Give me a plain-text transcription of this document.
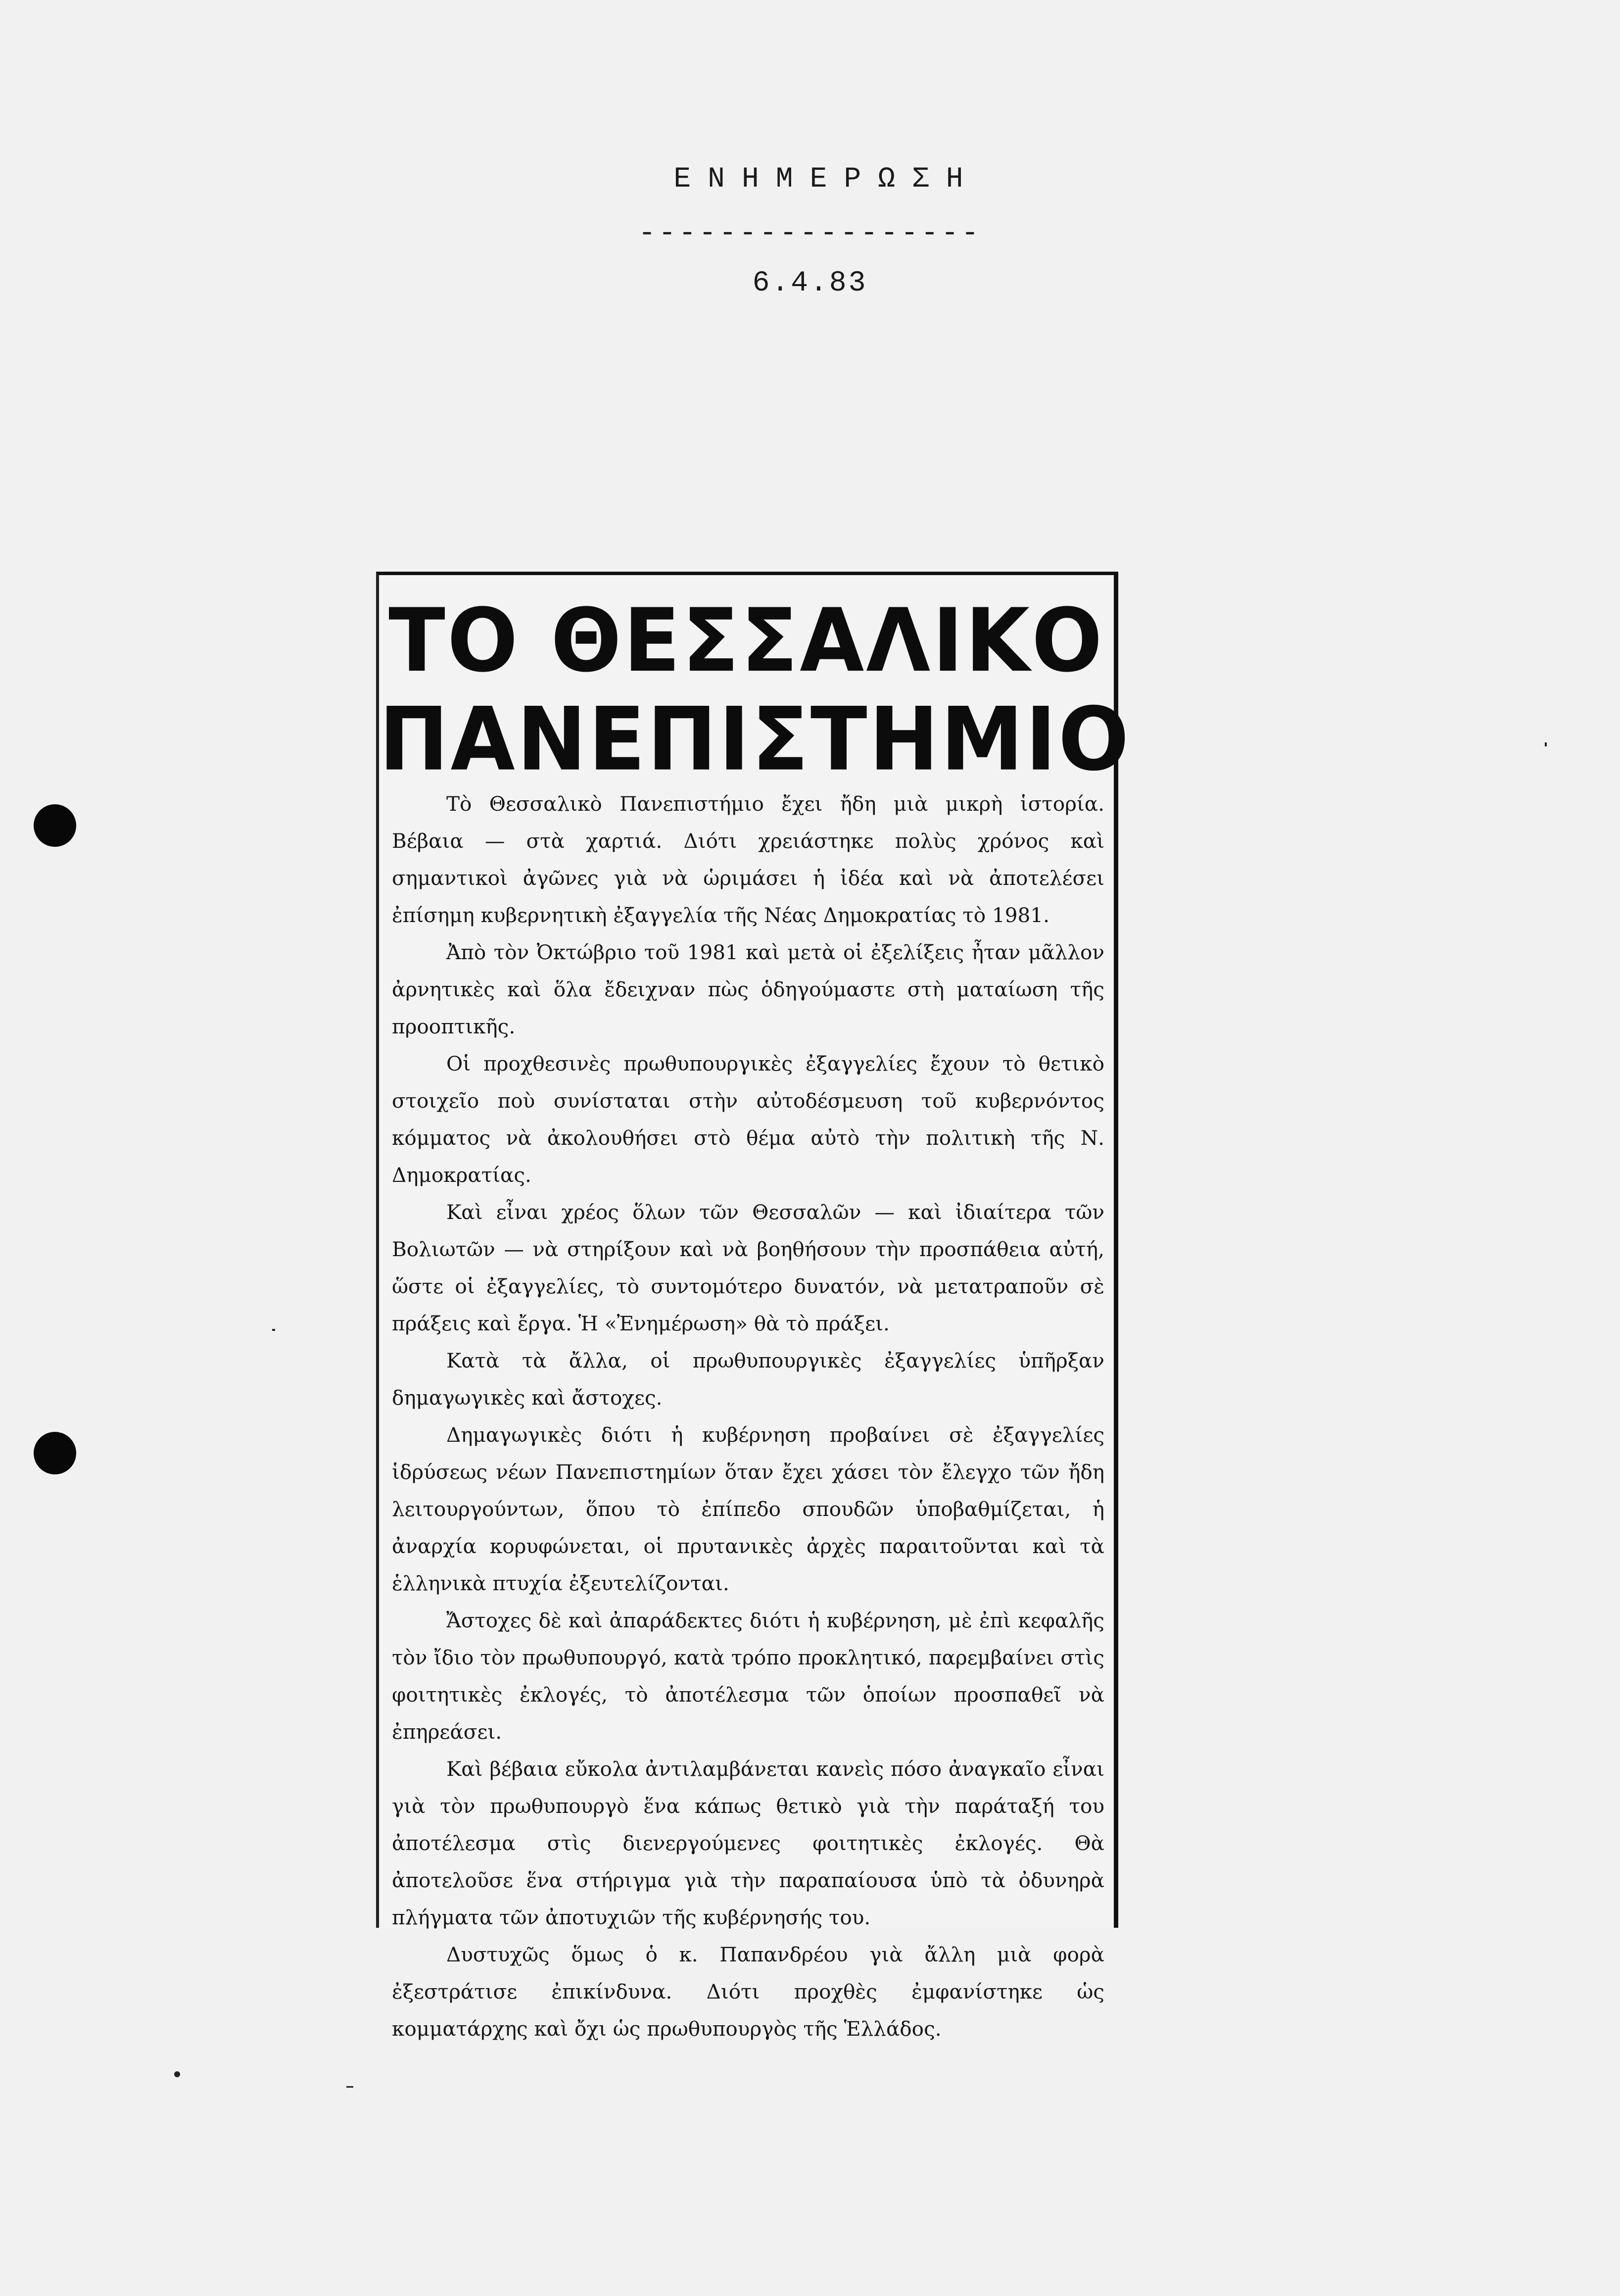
ΕΝΗΜΕΡΩΣΗ
-----------------
6.4.83
ΤΟ ΘΕΣΣΑΛΙΚΟ
ΠΑΝΕΠΙΣΤΗΜΙΟ

Τὸ Θεσσαλικὸ Πανεπιστήμιο ἔχει ἤδη μιὰ μικρὴ ἱστορία. Βέβαια — στὰ χαρτιά. Διότι χρειάστηκε πολὺς χρόνος καὶ σημαντικοὶ ἀγῶνες γιὰ νὰ ὡριμάσει ἡ ἰδέα καὶ νὰ ἀποτελέσει ἐπίσημη κυβερνητικὴ ἐξαγγελία τῆς Νέας Δημοκρατίας τὸ 1981.

Ἀπὸ τὸν Ὀκτώβριο τοῦ 1981 καὶ μετὰ οἱ ἐξελίξεις ἦταν μᾶλλον ἀρνητικὲς καὶ ὅλα ἔδειχναν πὼς ὁδηγούμαστε στὴ ματαίωση τῆς προοπτικῆς.

Οἱ προχθεσινὲς πρωθυπουργικὲς ἐξαγγελίες ἔχουν τὸ θετικὸ στοιχεῖο ποὺ συνίσταται στὴν αὐτοδέσμευση τοῦ κυβερνόντος κόμματος νὰ ἀκολουθήσει στὸ θέμα αὐτὸ τὴν πολιτικὴ τῆς Ν. Δημοκρατίας.

Καὶ εἶναι χρέος ὅλων τῶν Θεσσαλῶν — καὶ ἰδιαίτερα τῶν Βολιωτῶν — νὰ στηρίξουν καὶ νὰ βοηθήσουν τὴν προσπάθεια αὐτή, ὥστε οἱ ἐξαγγελίες, τὸ συντομότερο δυνατόν, νὰ μετατραποῦν σὲ πράξεις καὶ ἔργα. Ἡ «Ἐνημέρωση» θὰ τὸ πράξει.

Κατὰ τὰ ἄλλα, οἱ πρωθυπουργικὲς ἐξαγγελίες ὑπῆρξαν δημαγωγικὲς καὶ ἄστοχες.

Δημαγωγικὲς διότι ἡ κυβέρνηση προβαίνει σὲ ἐξαγγελίες ἱδρύσεως νέων Πανεπιστημίων ὅταν ἔχει χάσει τὸν ἔλεγχο τῶν ἤδη λειτουργούντων, ὅπου τὸ ἐπίπεδο σπουδῶν ὑποβαθμίζεται, ἡ ἀναρχία κορυφώνεται, οἱ πρυτανικὲς ἀρχὲς παραιτοῦνται καὶ τὰ ἑλληνικὰ πτυχία ἐξευτελίζονται.

Ἄστοχες δὲ καὶ ἀπαράδεκτες διότι ἡ κυβέρνηση, μὲ ἐπὶ κεφαλῆς τὸν ἴδιο τὸν πρωθυπουργό, κατὰ τρόπο προκλητικό, παρεμβαίνει στὶς φοιτητικὲς ἐκλογές, τὸ ἀποτέλεσμα τῶν ὁποίων προσπαθεῖ νὰ ἐπηρεάσει.

Καὶ βέβαια εὔκολα ἀντιλαμβάνεται κανεὶς πόσο ἀναγκαῖο εἶναι γιὰ τὸν πρωθυπουργὸ ἕνα κάπως θετικὸ γιὰ τὴν παράταξή του ἀποτέλεσμα στὶς διενεργούμενες φοιτητικὲς ἐκλογές. Θὰ ἀποτελοῦσε ἕνα στήριγμα γιὰ τὴν παραπαίουσα ὑπὸ τὰ ὀδυνηρὰ πλήγματα τῶν ἀποτυχιῶν τῆς κυβέρνησής του.

Δυστυχῶς ὅμως ὁ κ. Παπανδρέου γιὰ ἄλλη μιὰ φορὰ ἐξεστράτισε ἐπικίνδυνα. Διότι προχθὲς ἐμφανίστηκε ὡς κομματάρχης καὶ ὄχι ὡς πρωθυπουργὸς τῆς Ἑλλάδος.
